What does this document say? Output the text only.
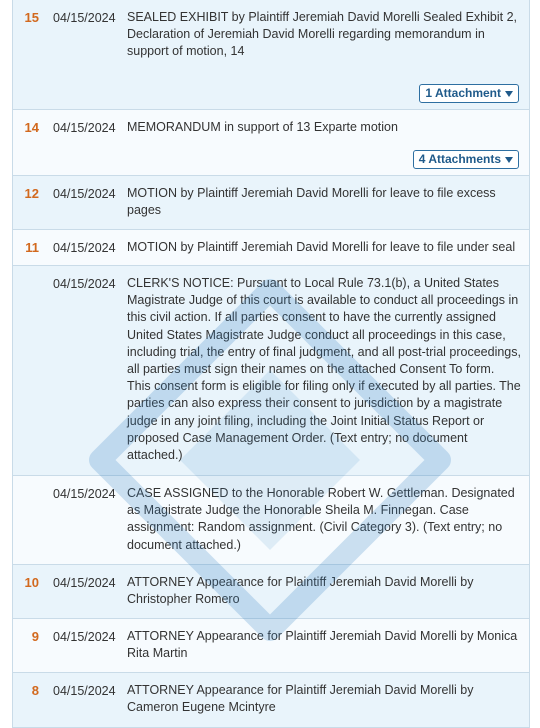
15	04/15/2024 SEALED EXHIBIT by Plaintiff Jeremiah David Morelli Sealed Exhibit 2, Declaration of Jeremiah David Morelli regarding memorandum in support of motion, 14
1 Attachment
14	04/15/2024 MEMORANDUM in support of 13 Exparte motion
4 Attachments
12	04/15/2024 MOTION by Plaintiff Jeremiah David Morelli for leave to file excess pages
11	04/15/2024 MOTION by Plaintiff Jeremiah David Morelli for leave to file under seal
04/15/2024 CLERK'S NOTICE: Pursuant to Local Rule 73.1(b), a United States Magistrate Judge of this court is available to conduct all proceedings in this civil action. If all parties consent to have the currently assigned United States Magistrate Judge conduct all proceedings in this case, including trial, the entry of final judgment, and all post-trial proceedings, all parties must sign their names on the attached Consent To form. This consent form is eligible for filing only if executed by all parties. The parties can also express their consent to jurisdiction by a magistrate judge in any joint filing, including the Joint Initial Status Report or proposed Case Management Order. (Text entry; no document attached.)
04/15/2024 CASE ASSIGNED to the Honorable Robert W. Gettleman. Designated as Magistrate Judge the Honorable Sheila M. Finnegan. Case assignment: Random assignment. (Civil Category 3). (Text entry; no document attached.)
10	04/15/2024 ATTORNEY Appearance for Plaintiff Jeremiah David Morelli by Christopher Romero
9	04/15/2024 ATTORNEY Appearance for Plaintiff Jeremiah David Morelli by Monica Rita Martin
8	04/15/2024 ATTORNEY Appearance for Plaintiff Jeremiah David Morelli by Cameron Eugene Mcintyre
